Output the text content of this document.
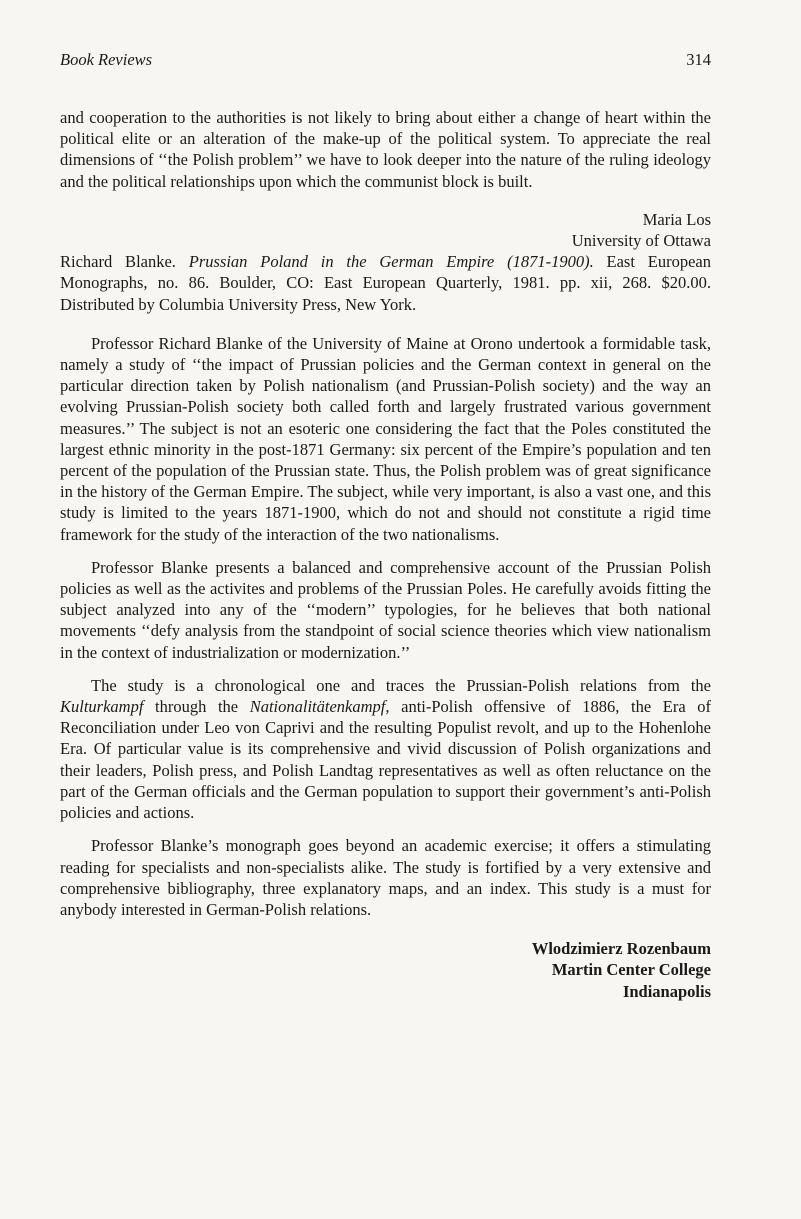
Book Reviews	314

and cooperation to the authorities is not likely to bring about either a change of heart within the political elite or an alteration of the make-up of the political system. To appreciate the real dimensions of ‘‘the Polish problem’’ we have to look deeper into the nature of the ruling ideology and the political relationships upon which the communist block is built.

Maria Los
University of Ottawa

Richard Blanke. Prussian Poland in the German Empire (1871-1900). East European Monographs, no. 86. Boulder, CO: East European Quarterly, 1981. pp. xii, 268. $20.00. Distributed by Columbia University Press, New York.

Professor Richard Blanke of the University of Maine at Orono undertook a formidable task, namely a study of ‘‘the impact of Prussian policies and the German context in general on the particular direction taken by Polish nationalism (and Prussian-Polish society) and the way an evolving Prussian-Polish society both called forth and largely frustrated various government measures.’’ The subject is not an esoteric one considering the fact that the Poles constituted the largest ethnic minority in the post-1871 Germany: six percent of the Empire’s population and ten percent of the population of the Prussian state. Thus, the Polish problem was of great significance in the history of the German Empire. The subject, while very important, is also a vast one, and this study is limited to the years 1871-1900, which do not and should not constitute a rigid time framework for the study of the interaction of the two nationalisms.

Professor Blanke presents a balanced and comprehensive account of the Prussian Polish policies as well as the activites and problems of the Prussian Poles. He carefully avoids fitting the subject analyzed into any of the ‘‘modern’’ typologies, for he believes that both national movements ‘‘defy analysis from the standpoint of social science theories which view nationalism in the context of industrialization or modernization.’’

The study is a chronological one and traces the Prussian-Polish relations from the Kulturkampf through the Nationalitätenkampf, anti-Polish offensive of 1886, the Era of Reconciliation under Leo von Caprivi and the resulting Populist revolt, and up to the Hohenlohe Era. Of particular value is its comprehensive and vivid discussion of Polish organizations and their leaders, Polish press, and Polish Landtag representatives as well as often reluctance on the part of the German officials and the German population to support their government’s anti-Polish policies and actions.

Professor Blanke’s monograph goes beyond an academic exercise; it offers a stimulating reading for specialists and non-specialists alike. The study is fortified by a very extensive and comprehensive bibliography, three explanatory maps, and an index. This study is a must for anybody interested in German-Polish relations.

Wlodzimierz Rozenbaum
Martin Center College
Indianapolis
